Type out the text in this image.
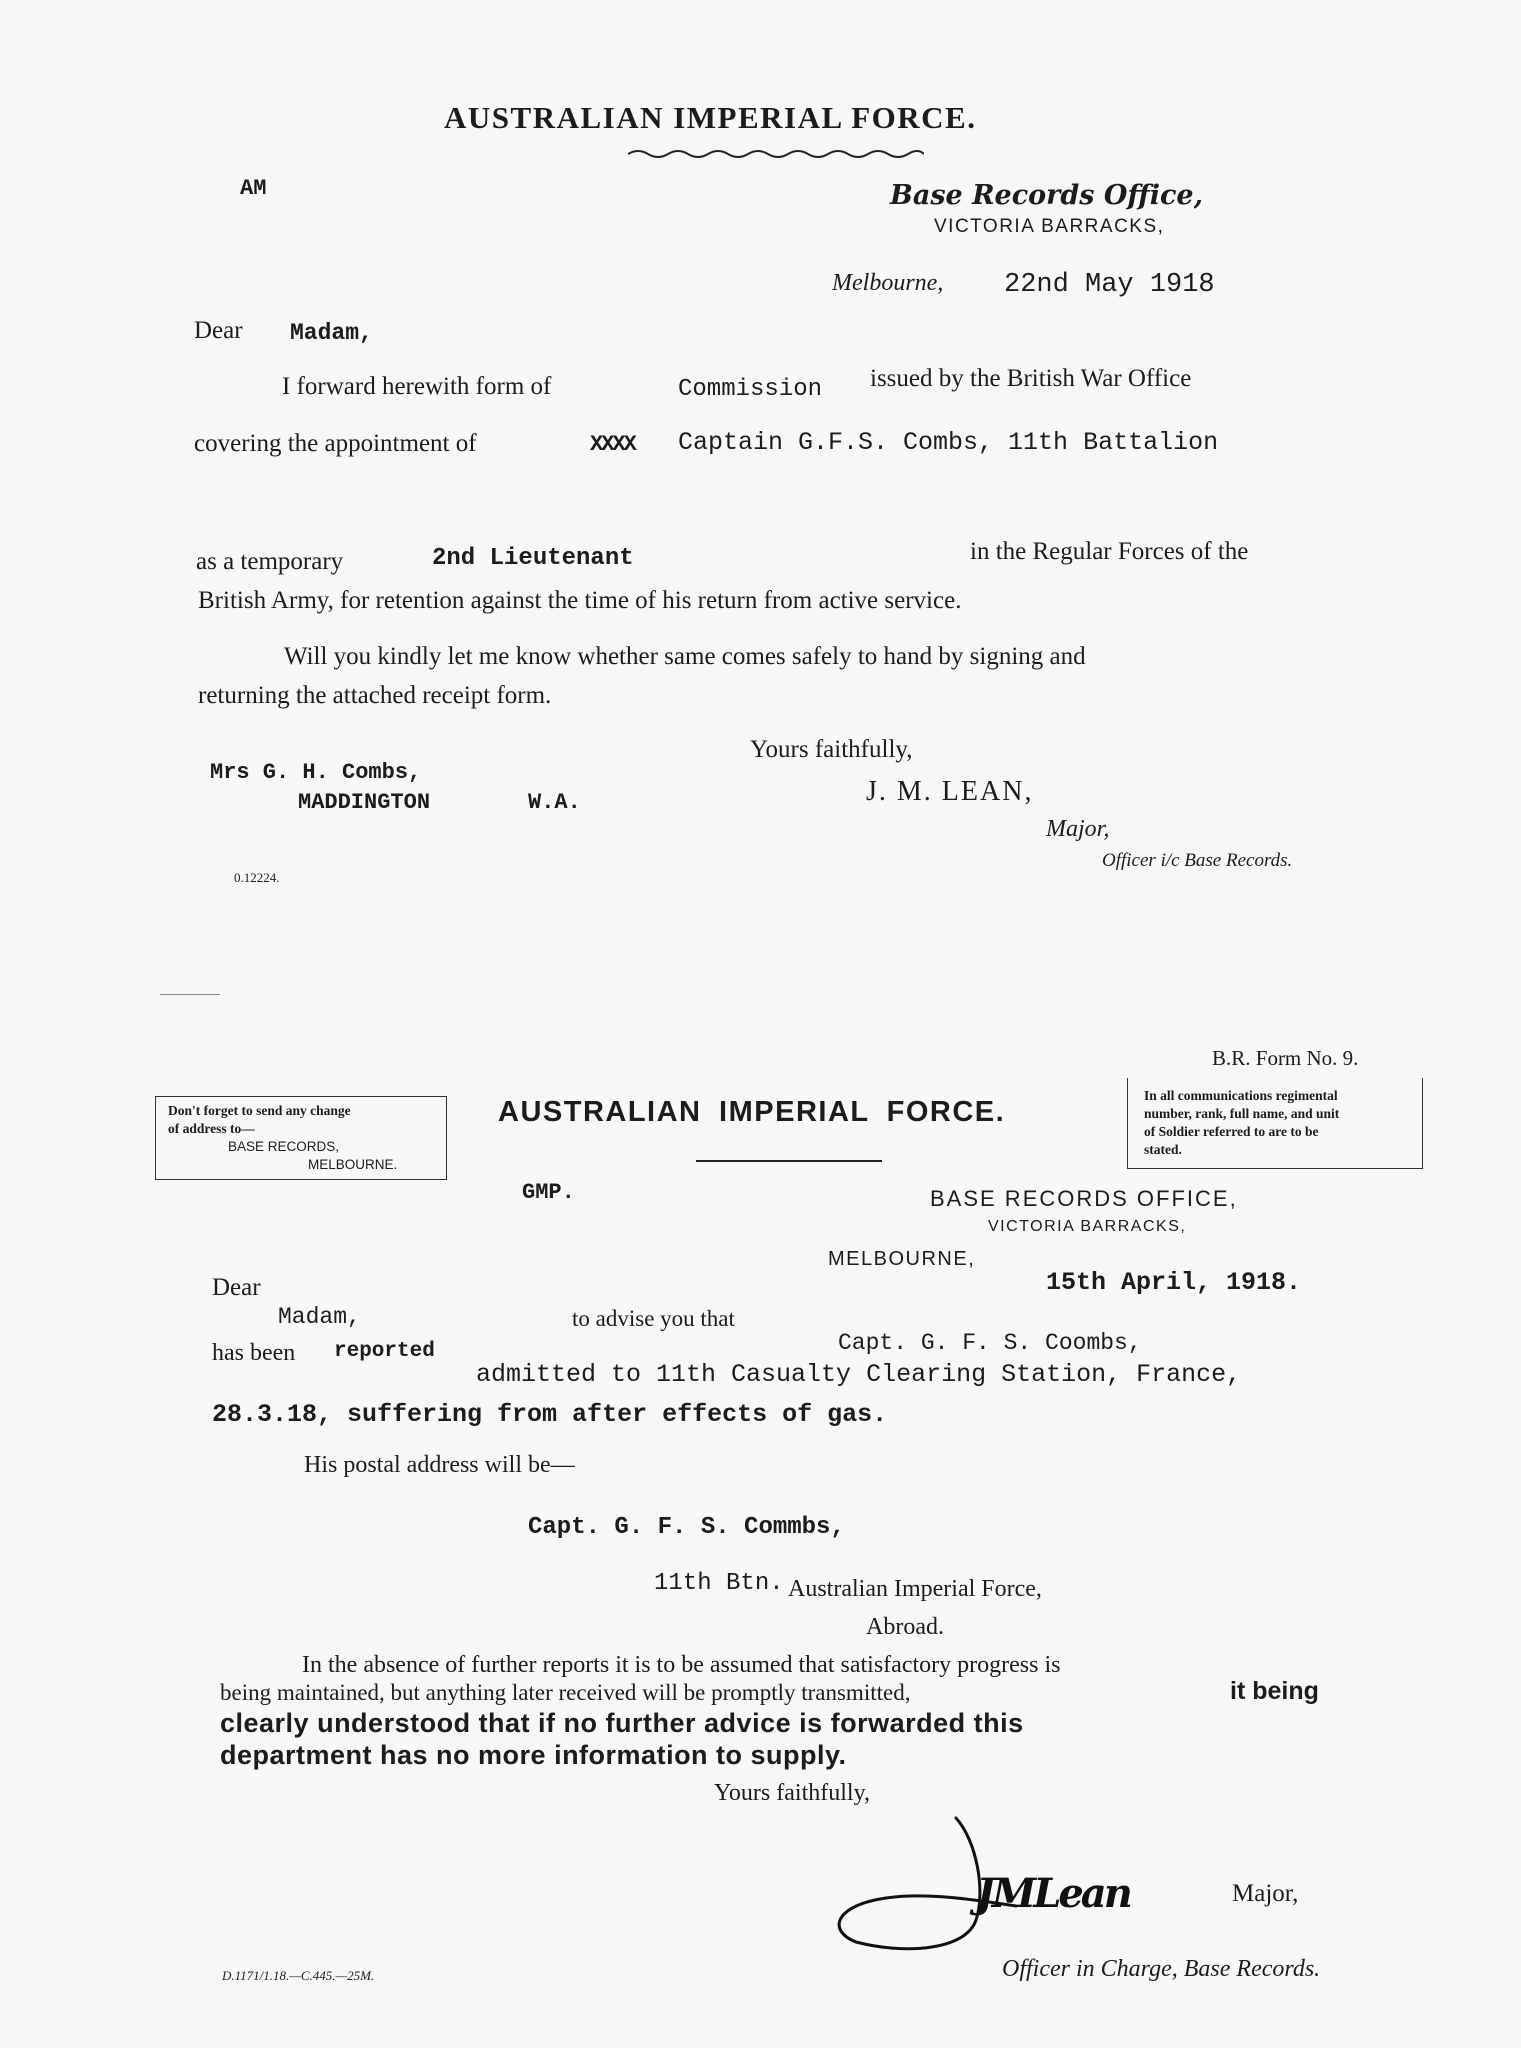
AUSTRALIAN IMPERIAL FORCE.
AM	Base Records Office,
VICTORIA BARRACKS,
Melbourne, 22nd May 1918
Dear Madam,
I forward herewith form of	Commission issued by the British War Office
covering the appointment of	XXXX Captain G.F.S. Combs, 11th Battalion
as a temporary	2nd Lieutenant	in the Regular Forces of the
British Army, for retention against the time of his return from active service.
Will you kindly let me know whether same comes safely to hand by signing and
returning the attached receipt form.
Yours faithfully,
Mrs G. H. Combs,
MADDINGTON	W.A.	J. M. LEAN,
Major,
Officer i/c Base Records.
0.12224.
B.R. Form No. 9.
Don't forget to send any change
of address to—
BASE RECORDS,
MELBOURNE.
AUSTRALIAN IMPERIAL FORCE.
In all communications regimental
number, rank, full name, and unit
of Soldier referred to are to be
stated.
GMP.	BASE RECORDS OFFICE,
VICTORIA BARRACKS,
MELBOURNE,
15th April, 1918.
Dear
Madam,	to advise you that
has been reported	Capt. G. F. S. Coombs,
admitted to 11th Casualty Clearing Station, France,
28.3.18, suffering from after effects of gas.
His postal address will be—
Capt. G. F. S. Commbs,
11th Btn. Australian Imperial Force,
Abroad.
In the absence of further reports it is to be assumed that satisfactory progress is
being maintained, but anything later received will be promptly transmitted,	it being
clearly understood that if no further advice is forwarded this
department has no more information to supply.
Yours faithfully,
JMLean	Major,
Officer in Charge, Base Records.
D.1171/1.18.—C.445.—25M.
